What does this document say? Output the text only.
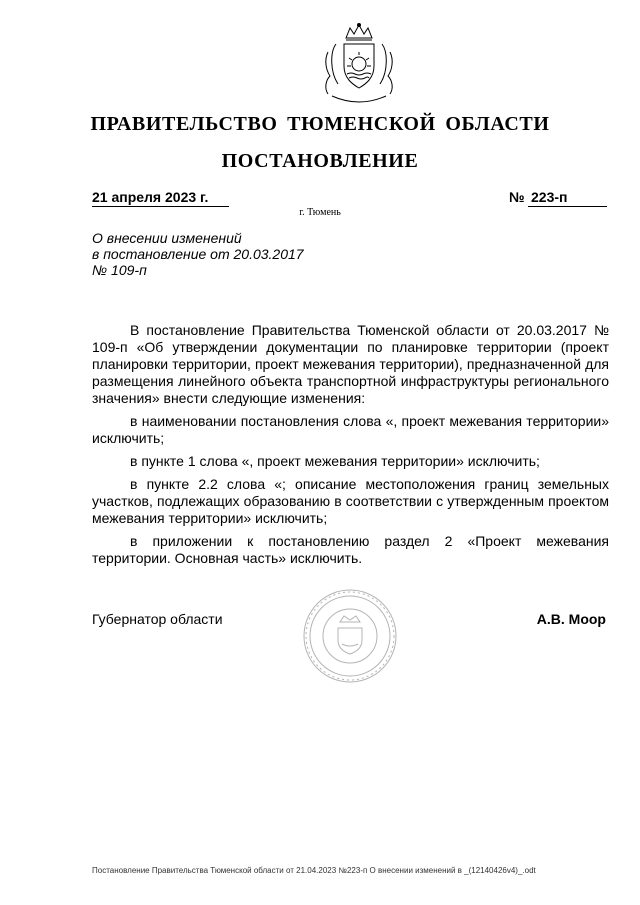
ПРАВИТЕЛЬСТВО ТЮМЕНСКОЙ ОБЛАСТИ
ПОСТАНОВЛЕНИЕ
21 апреля 2023 г.	№ 223-п
г. Тюмень
О внесении изменений
в постановление от 20.03.2017
№ 109-п

В постановление Правительства Тюменской области от 20.03.2017 № 109-п «Об утверждении документации по планировке территории (проект планировки территории, проект межевания территории), предназначенной для размещения линейного объекта транспортной инфраструктуры регионального значения» внести следующие изменения:

в наименовании постановления слова «, проект межевания территории» исключить;

в пункте 1 слова «, проект межевания территории» исключить;

в пункте 2.2 слова «; описание местоположения границ земельных участков, подлежащих образованию в соответствии с утвержденным проектом межевания территории» исключить;

в приложении к постановлению раздел 2 «Проект межевания территории. Основная часть» исключить.

Губернатор области	А.В. Моор
Постановление Правительства Тюменской области от 21.04.2023 №223-п О внесении изменений в _(12140426v4)_.odt
